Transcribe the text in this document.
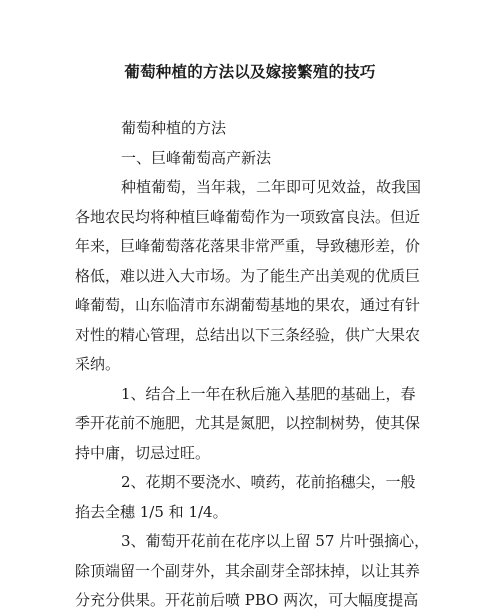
葡萄种植的方法以及嫁接繁殖的技巧
葡萄种植的方法
一、巨峰葡萄高产新法
种植葡萄，当年栽，二年即可见效益，故我国
各地农民均将种植巨峰葡萄作为一项致富良法。但近
年来，巨峰葡萄落花落果非常严重，导致穗形差，价
格低，难以进入大市场。为了能生产出美观的优质巨
峰葡萄，山东临清市东湖葡萄基地的果农，通过有针
对性的精心管理，总结出以下三条经验，供广大果农
采纳。
1、结合上一年在秋后施入基肥的基础上，春
季开花前不施肥，尤其是氮肥，以控制树势，使其保
持中庸，切忌过旺。
2、花期不要浇水、喷药，花前掐穗尖，一般
掐去全穗 1/5 和 1/4。
3、葡萄开花前在花序以上留 57 片叶强摘心，
除顶端留一个副芽外，其余副芽全部抹掉，以让其养
分充分供果。开花前后喷 PBO 两次，可大幅度提高
